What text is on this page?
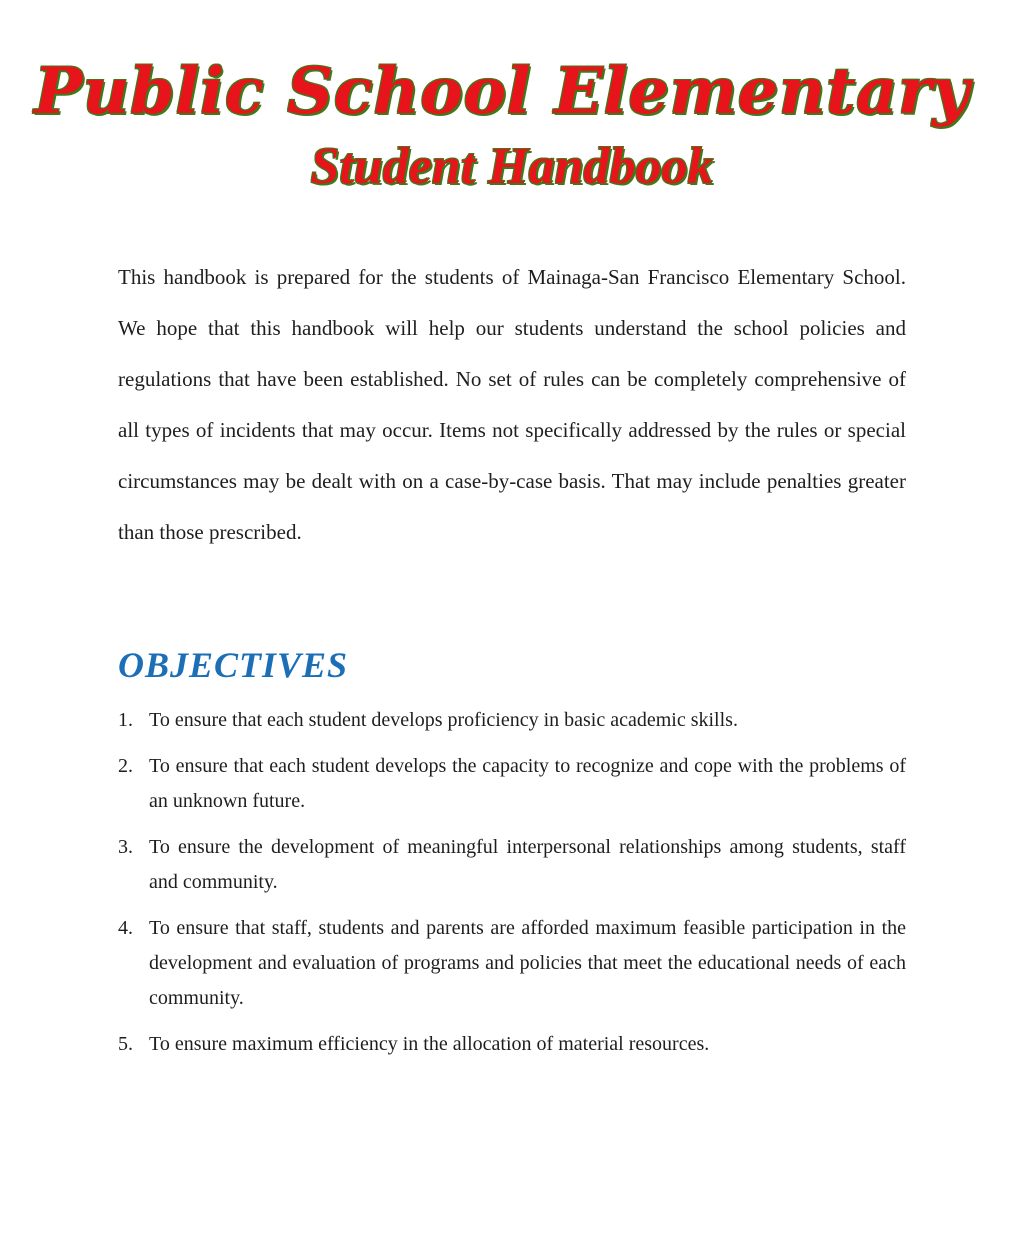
Public School Elementary
Student Handbook

This handbook is prepared for the students of Mainaga-San Francisco Elementary School. We hope that this handbook will help our students understand the school policies and regulations that have been established. No set of rules can be completely comprehensive of all types of incidents that may occur. Items not specifically addressed by the rules or special circumstances may be dealt with on a case-by-case basis. That may include penalties greater than those prescribed.

OBJECTIVES
1. To ensure that each student develops proficiency in basic academic skills.
2. To ensure that each student develops the capacity to recognize and cope with the problems of an unknown future.
3. To ensure the development of meaningful interpersonal relationships among students, staff and community.
4. To ensure that staff, students and parents are afforded maximum feasible participation in the development and evaluation of programs and policies that meet the educational needs of each community.
5. To ensure maximum efficiency in the allocation of material resources.
